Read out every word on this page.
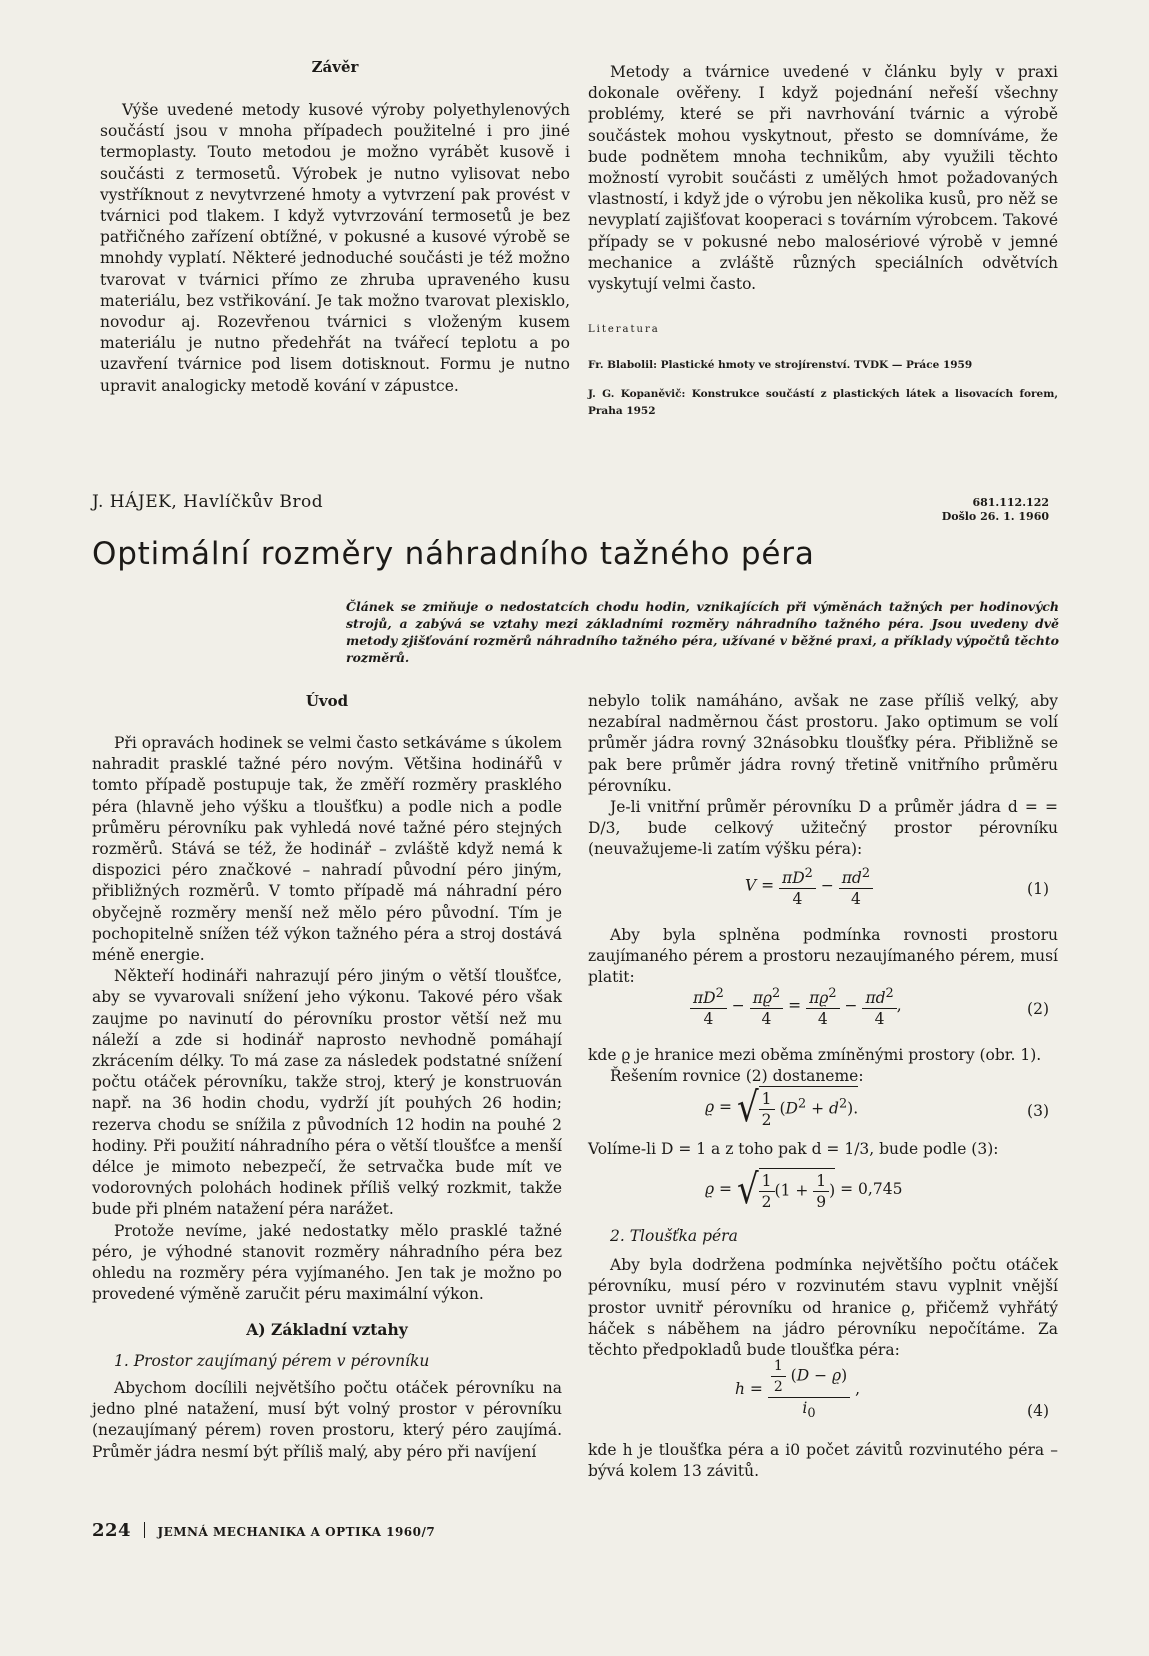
Závěr
Výše uvedené metody kusové výroby polyethylenových součástí jsou v mnoha případech použitelné i pro jiné termoplasty. Touto metodou je možno vyrábět kusově i součásti z termosetů. Výrobek je nutno vylisovat nebo vystříknout z nevytvrzené hmoty a vytvrzení pak provést v tvárnici pod tlakem. I když vytvrzování termosetů je bez patřičného zařízení obtížné, v pokusné a kusové výrobě se mnohdy vyplatí. Některé jednoduché součásti je též možno tvarovat v tvárnici přímo ze zhruba upraveného kusu materiálu, bez vstřikování. Je tak možno tvarovat plexisklo, novodur aj. Rozevřenou tvárnici s vloženým kusem materiálu je nutno předehřát na tvářecí teplotu a po uzavření tvárnice pod lisem dotisknout. Formu je nutno upravit analogicky metodě kování v zápustce.
Metody a tvárnice uvedené v článku byly v praxi dokonale ověřeny. I když pojednání neřeší všechny problémy, které se při navrhování tvárnic a výrobě součástek mohou vyskytnout, přesto se domníváme, že bude podnětem mnoha technikům, aby využili těchto možností vyrobit součásti z umělých hmot požadovaných vlastností, i když jde o výrobu jen několika kusů, pro něž se nevyplatí zajišťovat kooperaci s továrním výrobcem. Takové případy se v pokusné nebo malosériové výrobě v jemné mechanice a zvláště různých speciálních odvětvích vyskytují velmi často.
Literatura
Fr. Blabolil: Plastické hmoty ve strojírenství. TVDK — Práce 1959
J. G. Kopaněvič: Konstrukce součástí z plastických látek a lisovacích forem, Praha 1952
J. HÁJEK, Havlíčkův Brod	681.112.122
Došlo 26. 1. 1960
Optimální rozměry náhradního tažného péra
Článek se zmiňuje o nedostatcích chodu hodin, vznikajících při výměnách tažných per hodinových strojů, a zabývá se vztahy mezi základními rozměry náhradního tažného péra. Jsou uvedeny dvě metody zjišťování rozměrů náhradního tažného péra, užívané v běžné praxi, a příklady výpočtů těchto rozměrů.
Úvod

Při opravách hodinek se velmi často setkáváme s úkolem nahradit prasklé tažné péro novým. Většina hodinářů v tomto případě postupuje tak, že změří rozměry prasklého péra (hlavně jeho výšku a tloušťku) a podle nich a podle průměru pérovníku pak vyhledá nové tažné péro stejných rozměrů. Stává se též, že hodinář – zvláště když nemá k dispozici péro značkové – nahradí původní péro jiným, přibližných rozměrů. V tomto případě má náhradní péro obyčejně rozměry menší než mělo péro původní. Tím je pochopitelně snížen též výkon tažného péra a stroj dostává méně energie.

Někteří hodináři nahrazují péro jiným o větší tloušťce, aby se vyvarovali snížení jeho výkonu. Takové péro však zaujme po navinutí do pérovníku prostor větší než mu náleží a zde si hodinář naprosto nevhodně pomáhají zkrácením délky. To má zase za následek podstatné snížení počtu otáček pérovníku, takže stroj, který je konstruován např. na 36 hodin chodu, vydrží jít pouhých 26 hodin; rezerva chodu se snížila z původních 12 hodin na pouhé 2 hodiny. Při použití náhradního péra o větší tloušťce a menší délce je mimoto nebezpečí, že setrvačka bude mít ve vodorovných polohách hodinek příliš velký rozkmit, takže bude při plném natažení péra narážet.

Protože nevíme, jaké nedostatky mělo prasklé tažné péro, je výhodné stanovit rozměry náhradního péra bez ohledu na rozměry péra vyjímaného. Jen tak je možno po provedené výměně zaručit péru maximální výkon.

A) Základní vztahy

1. Prostor zaujímaný pérem v pérovníku

Abychom docílili největšího počtu otáček pérovníku na jedno plné natažení, musí být volný prostor v pérovníku (nezaujímaný pérem) roven prostoru, který péro zaujímá. Průměr jádra nesmí být příliš malý, aby péro při navíjení

nebylo tolik namáháno, avšak ne zase příliš velký, aby nezabíral nadměrnou část prostoru. Jako optimum se volí průměr jádra rovný 32násobku tloušťky péra. Přibližně se pak bere průměr jádra rovný třetině vnitřního průměru pérovníku.

Je-li vnitřní průměr pérovníku D a průměr jádra d = = D/3, bude celkový užitečný prostor pérovníku (neuvažujeme-li zatím výšku péra):

$V = \frac{\pi D^2}{4} - \frac{\pi d^2}{4}$	(1)
Aby byla splněna podmínka rovnosti prostoru zaujímaného pérem a prostoru nezaujímaného pérem, musí platit:
$\frac{\pi D^2}{4} - \frac{\pi ϱ^2}{4} = \frac{\pi ϱ^2}{4} - \frac{\pi d^2}{4}$ ,	(2)

kde ϱ je hranice mezi oběma zmíněnými prostory (obr. 1).

Řešením rovnice (2) dostaneme:

ϱ = √ $\frac{1}{2} (D^2 + d^2)$.	(3)
Volíme-li D = 1 a z toho pak d = 1/3, bude podle (3):
ϱ = √ $\frac{1}{2} (1 + \frac{1}{9}$ ) = 0,745

2. Tloušťka péra

Aby byla dodržena podmínka největšího počtu otáček pérovníku, musí péro v rozvinutém stavu vyplnit vnější prostor uvnitř pérovníku od hranice ϱ, přičemž vyhřátý háček s náběhem na jádro pérovníku nepočítáme. Za těchto předpokladů bude tloušťka péra:

$h = \frac{\frac{1}{2} (D - ϱ)}{i_0}$ ,
(4)
kde h je tloušťka péra a i0 počet závitů rozvinutého péra – bývá kolem 13 závitů.
224 JEMNÁ MECHANIKA A OPTIKA 1960/7
